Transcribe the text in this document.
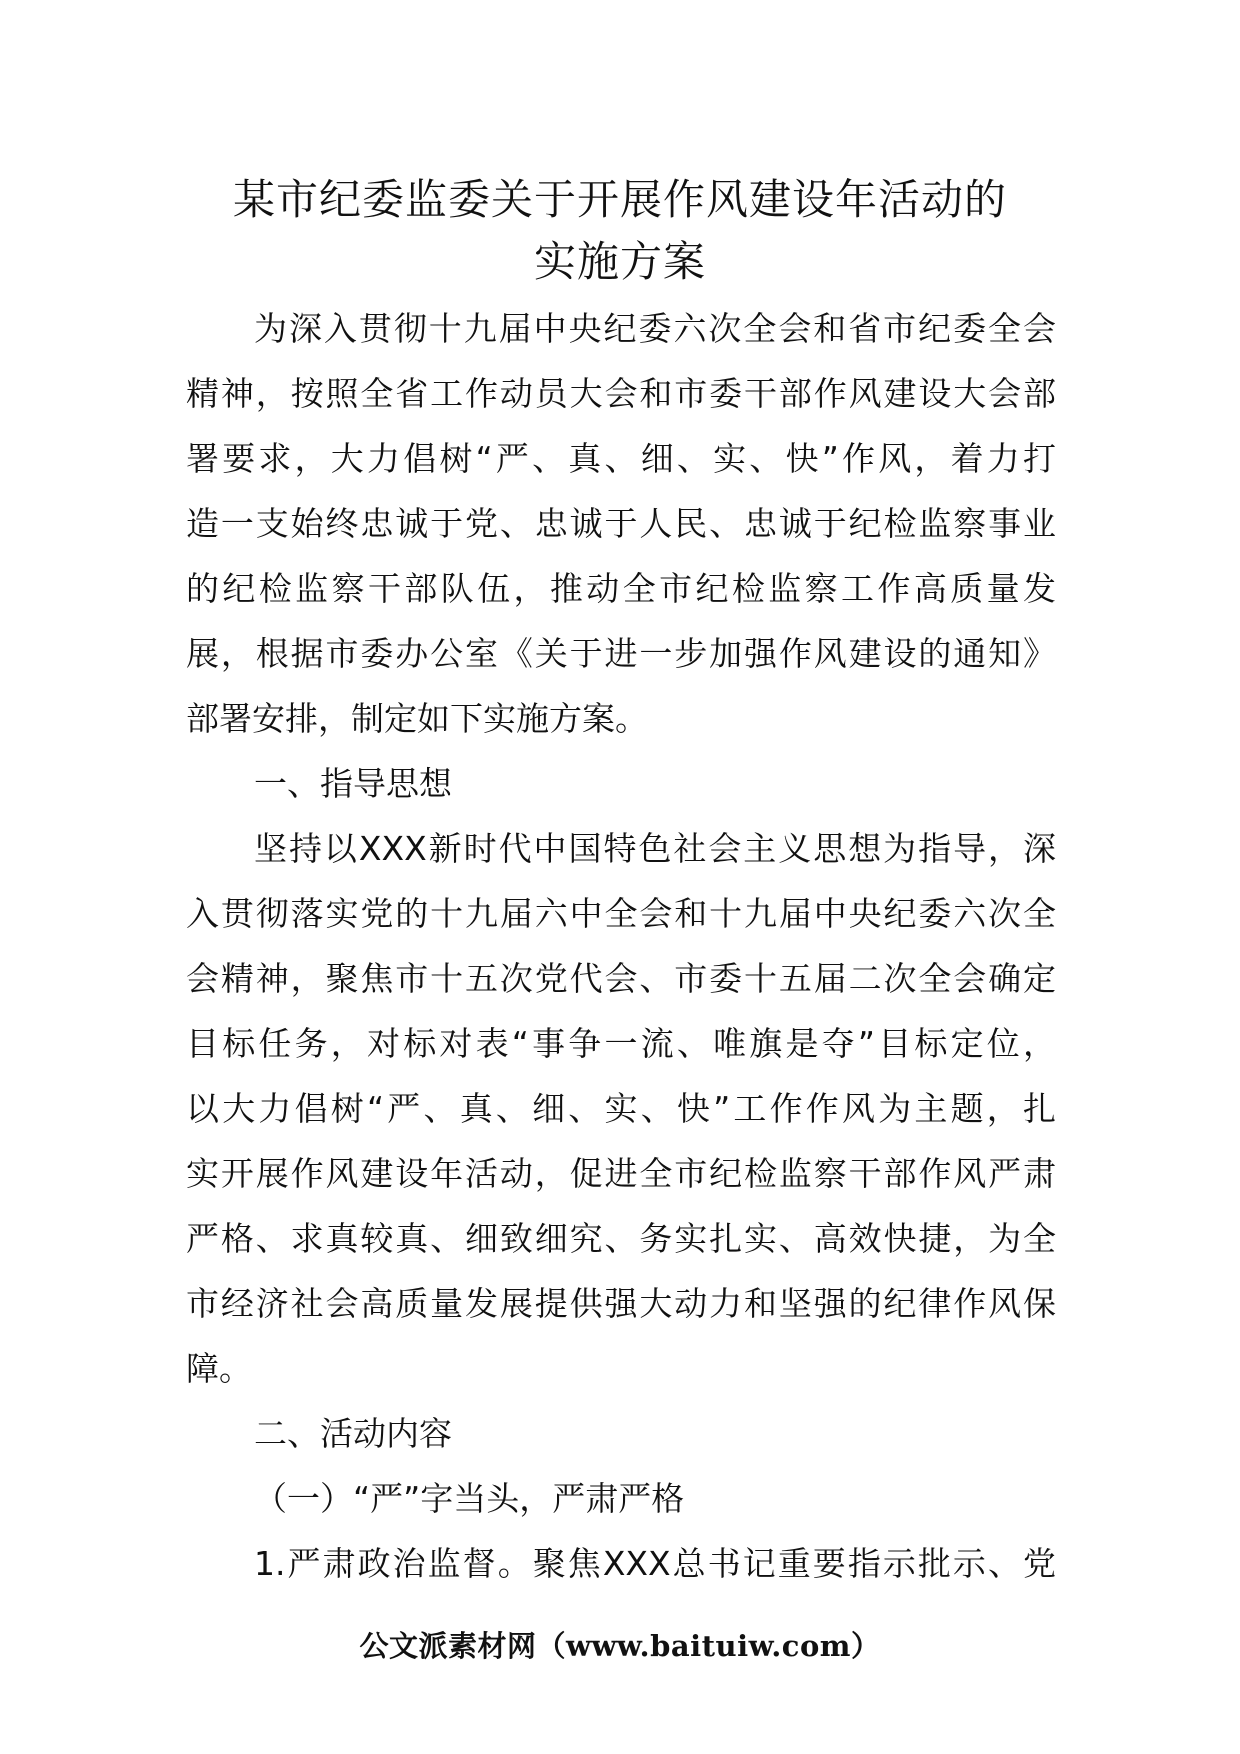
某市纪委监委关于开展作风建设年活动的
实施方案
为深入贯彻十九届中央纪委六次全会和省市纪委全会
精神，按照全省工作动员大会和市委干部作风建设大会部
署要求，大力倡树“严、真、细、实、快”作风，着力打
造一支始终忠诚于党、忠诚于人民、忠诚于纪检监察事业
的纪检监察干部队伍，推动全市纪检监察工作高质量发
展，根据市委办公室《关于进一步加强作风建设的通知》
部署安排，制定如下实施方案。
一、指导思想
坚持以XXX新时代中国特色社会主义思想为指导，深
入贯彻落实党的十九届六中全会和十九届中央纪委六次全
会精神，聚焦市十五次党代会、市委十五届二次全会确定
目标任务，对标对表“事争一流、唯旗是夺”目标定位，
以大力倡树“严、真、细、实、快”工作作风为主题，扎
实开展作风建设年活动，促进全市纪检监察干部作风严肃
严格、求真较真、细致细究、务实扎实、高效快捷，为全
市经济社会高质量发展提供强大动力和坚强的纪律作风保
障。
二、活动内容
（一）“严”字当头，严肃严格
1.严肃政治监督。聚焦XXX总书记重要指示批示、党
公文派素材网（www.baituiw.com）
